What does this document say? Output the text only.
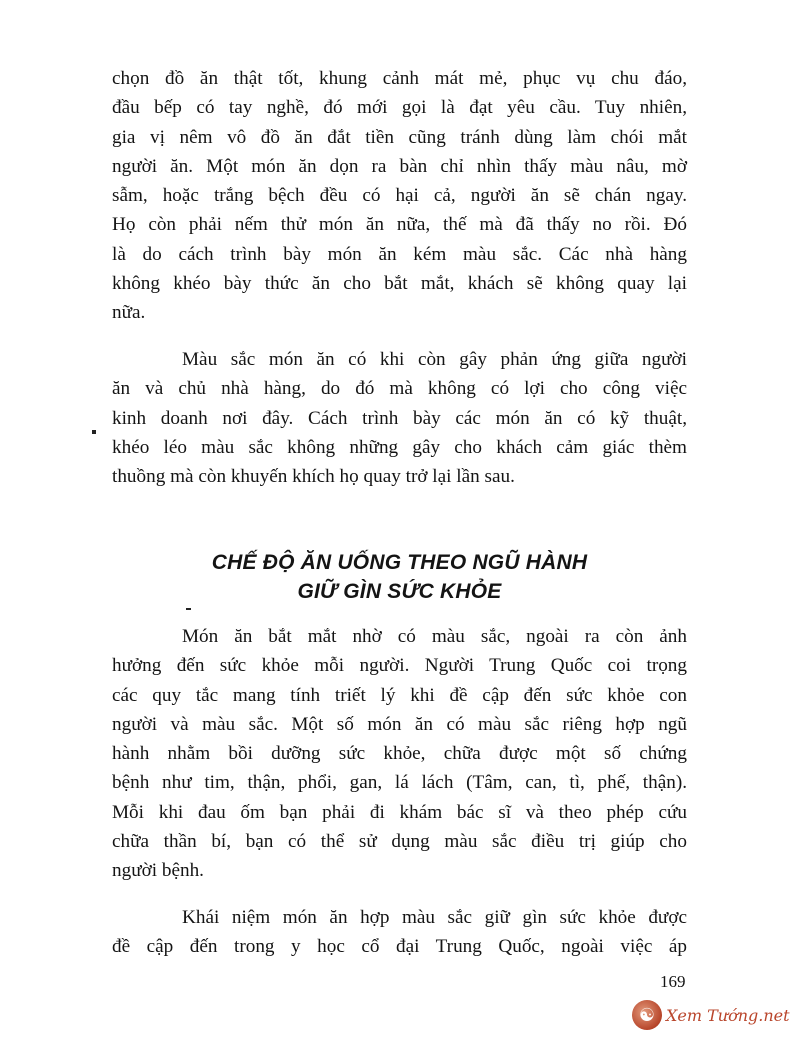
chọn đồ ăn thật tốt, khung cảnh mát mẻ, phục vụ chu đáo,
đầu bếp có tay nghề, đó mới gọi là đạt yêu cầu. Tuy nhiên,
gia vị nêm vô đồ ăn đắt tiền cũng tránh dùng làm chói mắt
người ăn. Một món ăn dọn ra bàn chỉ nhìn thấy màu nâu, mờ
sẫm, hoặc trắng bệch đều có hại cả, người ăn sẽ chán ngay.
Họ còn phải nếm thử món ăn nữa, thế mà đã thấy no rồi. Đó
là do cách trình bày món ăn kém màu sắc. Các nhà hàng
không khéo bày thức ăn cho bắt mắt, khách sẽ không quay lại
nữa.

Màu sắc món ăn có khi còn gây phản ứng giữa người
ăn và chủ nhà hàng, do đó mà không có lợi cho công việc
kinh doanh nơi đây. Cách trình bày các món ăn có kỹ thuật,
khéo léo màu sắc không những gây cho khách cảm giác thèm
thuồng mà còn khuyến khích họ quay trở lại lần sau.

CHẾ ĐỘ ĂN UỐNG THEO NGŨ HÀNH
GIỮ GÌN SỨC KHỎE

Món ăn bắt mắt nhờ có màu sắc, ngoài ra còn ảnh
hưởng đến sức khỏe mỗi người. Người Trung Quốc coi trọng
các quy tắc mang tính triết lý khi đề cập đến sức khỏe con
người và màu sắc. Một số món ăn có màu sắc riêng hợp ngũ
hành nhằm bồi dưỡng sức khỏe, chữa được một số chứng
bệnh như tim, thận, phổi, gan, lá lách (Tâm, can, tì, phế, thận).
Mỗi khi đau ốm bạn phải đi khám bác sĩ và theo phép cứu
chữa thần bí, bạn có thể sử dụng màu sắc điều trị giúp cho
người bệnh.

Khái niệm món ăn hợp màu sắc giữ gìn sức khỏe được
đề cập đến trong y học cổ đại Trung Quốc, ngoài việc áp

169
☯ Xem Tướng.net
